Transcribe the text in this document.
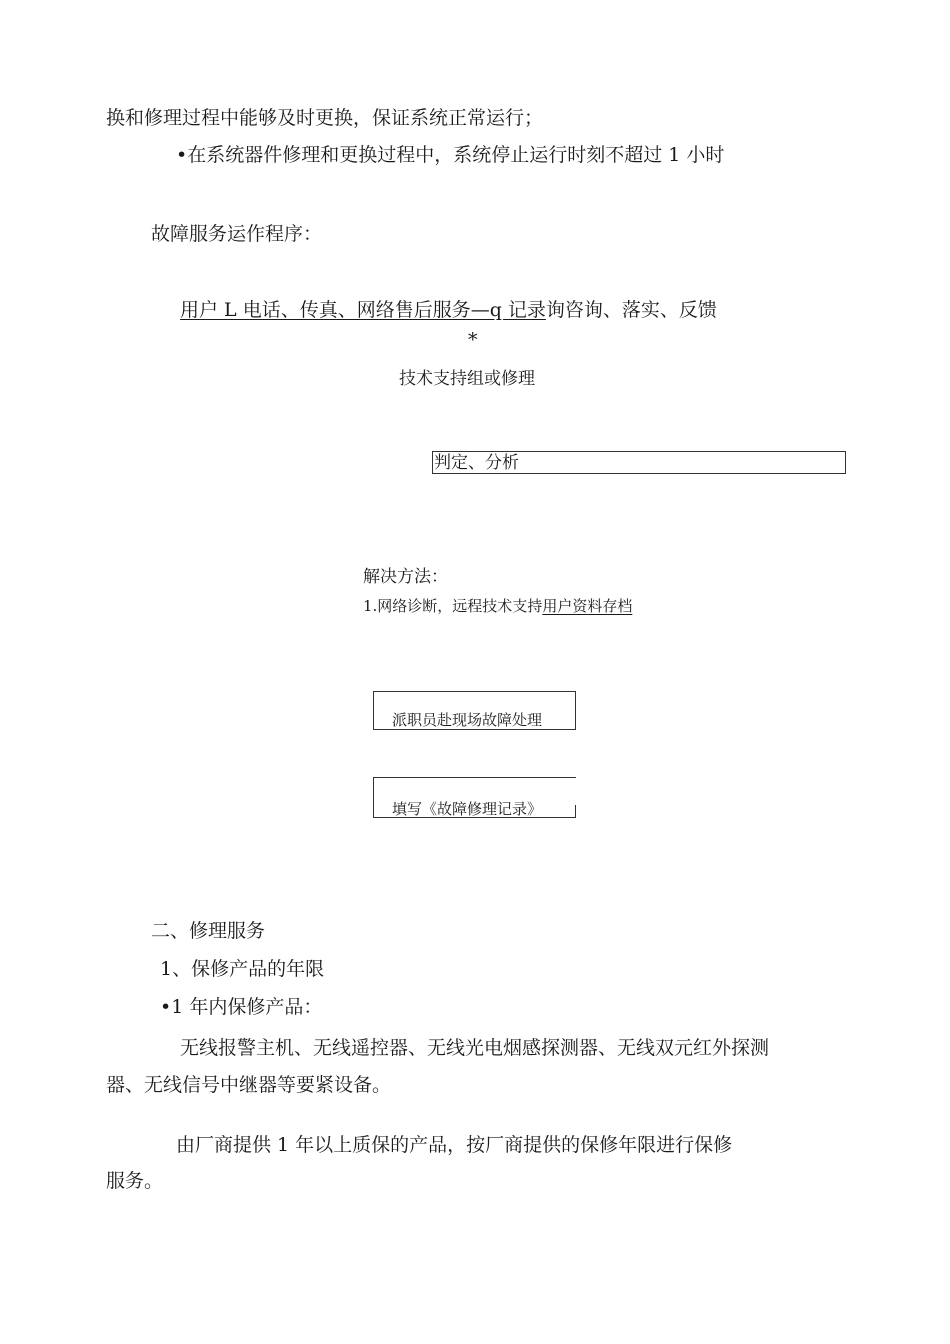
换和修理过程中能够及时更换，保证系统正常运行；
•在系统器件修理和更换过程中，系统停止运行时刻不超过 1 小时
故障服务运作程序：
用户 L 电话、传真、网络售后服务—q 记录询咨询、落实、反馈
*
技术支持组或修理
判定、分析
解决方法：
1.网络诊断，远程技术支持用户资料存档
派职员赴现场故障处理
填写《故障修理记录》
二、修理服务
1、保修产品的年限
•1 年内保修产品：
无线报警主机、无线遥控器、无线光电烟感探测器、无线双元红外探测
器、无线信号中继器等要紧设备。
由厂商提供 1 年以上质保的产品，按厂商提供的保修年限进行保修
服务。
